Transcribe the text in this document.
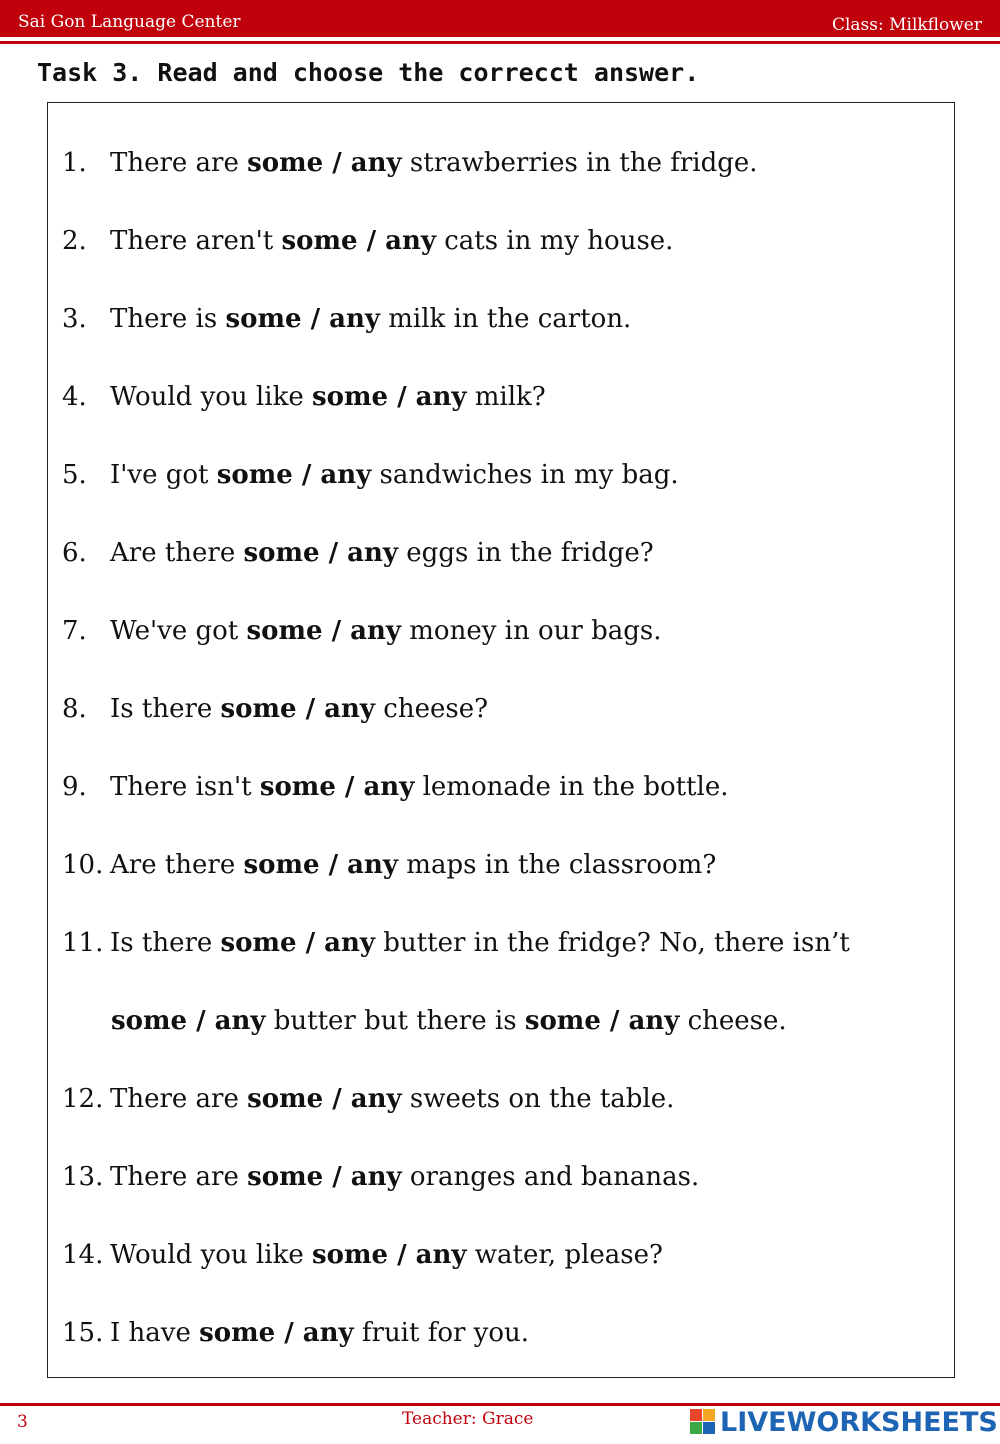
Sai Gon Language Center	Class: Milkflower
Task 3. Read and choose the correcct answer.
1. There are some / any strawberries in the fridge.
2. There aren't some / any cats in my house.
3. There is some / any milk in the carton.
4. Would you like some / any milk?
5. I've got some / any sandwiches in my bag.
6. Are there some / any eggs in the fridge?
7. We've got some / any money in our bags.
8. Is there some / any cheese?
9. There isn't some / any lemonade in the bottle.
10. Are there some / any maps in the classroom?
11. Is there some / any butter in the fridge? No, there isn’t
some / any butter but there is some / any cheese.
12. There are some / any sweets on the table.
13. There are some / any oranges and bananas.
14. Would you like some / any water, please?
15. I have some / any fruit for you.
3	Teacher: Grace	LIVEWORKSHEETS
